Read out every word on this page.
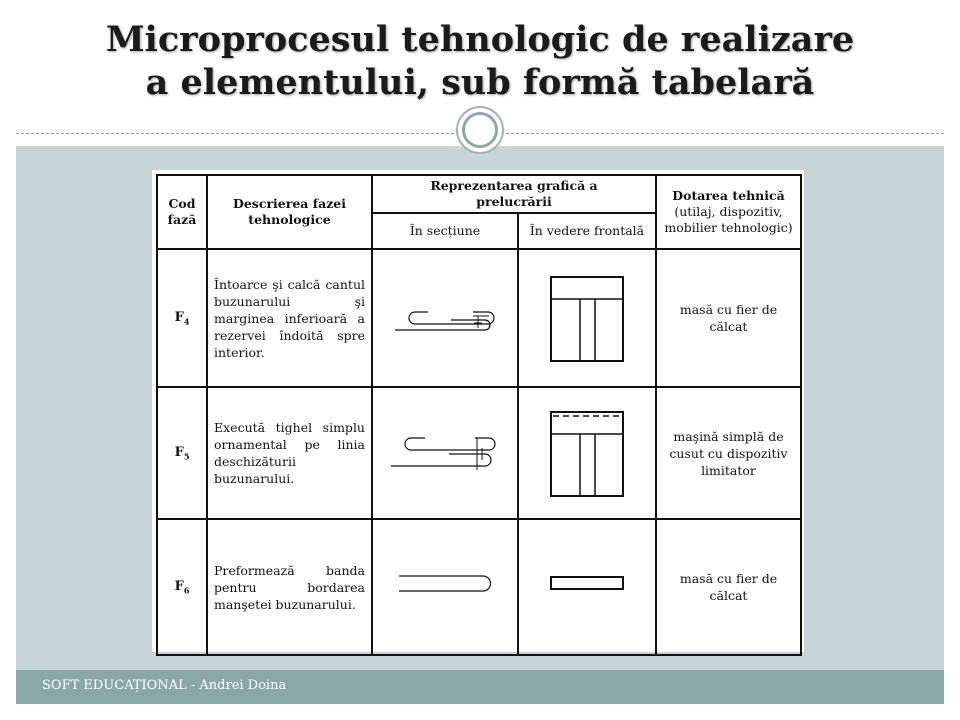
Microprocesul tehnologic de realizare
a elementului, sub formă tabelară
Cod fază	Descrierea fazei tehnologice	Reprezentarea grafică a prelucrării		Dotarea tehnică
(utilaj, dispozitiv, mobilier tehnologic)
		În secțiune	În vedere frontală	
$F_4$	Întoarce şi calcă cantul buzunarului şi marginea inferioară a rezervei îndoită spre interior.			masă cu fier de călcat
$F_5$	Execută tighel simplu ornamental pe linia deschizăturii buzunarului.			maşină simplă de cusut cu dispozitiv limitator
$F_6$	Preformează banda pentru bordarea manşetei buzunarului.			masă cu fier de călcat
SOFT EDUCAȚIONAL - Andrei Doina
